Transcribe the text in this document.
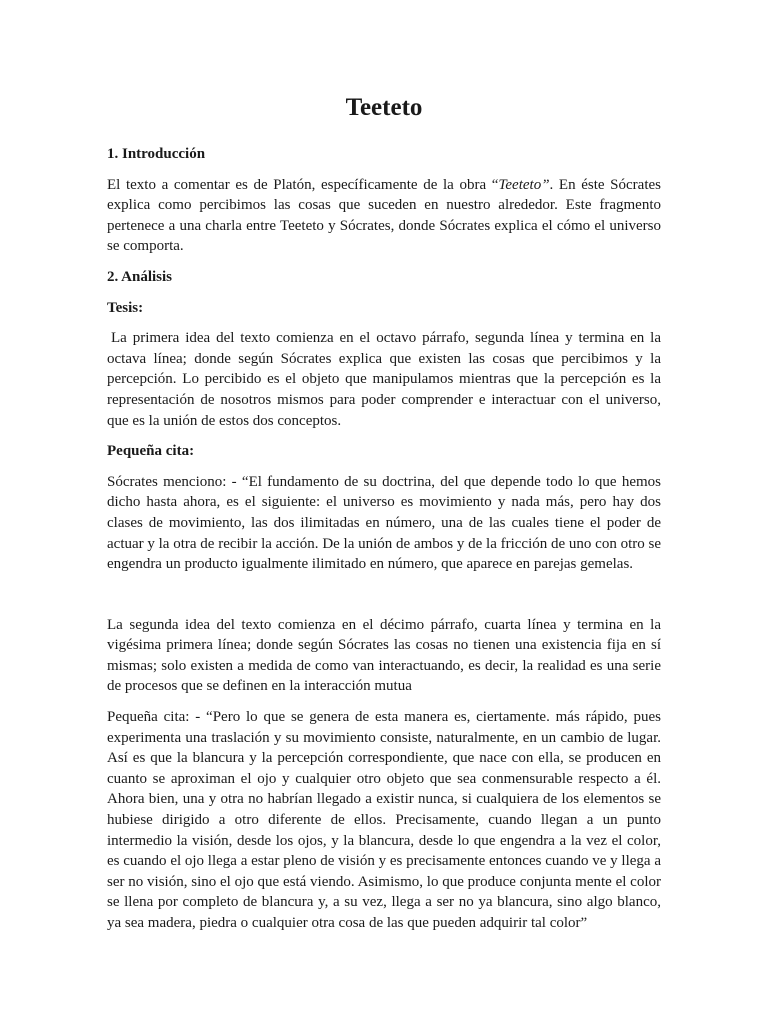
Teeteto
1. Introducción

El texto a comentar es de Platón, específicamente de la obra “Teeteto”. En éste Sócrates explica como percibimos las cosas que suceden en nuestro alrededor. Este fragmento pertenece a una charla entre Teeteto y Sócrates, donde Sócrates explica el cómo el universo se comporta.

2. Análisis
Tesis:

La primera idea del texto comienza en el octavo párrafo, segunda línea y termina en la octava línea; donde según Sócrates explica que existen las cosas que percibimos y la percepción. Lo percibido es el objeto que manipulamos mientras que la percepción es la representación de nosotros mismos para poder comprender e interactuar con el universo, que es la unión de estos dos conceptos.

Pequeña cita:

Sócrates menciono: - “El fundamento de su doctrina, del que depende todo lo que hemos dicho hasta ahora, es el siguiente: el universo es movimiento y nada más, pero hay dos clases de movimiento, las dos ilimitadas en número, una de las cuales tiene el poder de actuar y la otra de recibir la acción. De la unión de ambos y de la fricción de uno con otro se engendra un producto igualmente ilimitado en número, que aparece en parejas gemelas.

La segunda idea del texto comienza en el décimo párrafo, cuarta línea y termina en la vigésima primera línea; donde según Sócrates las cosas no tienen una existencia fija en sí mismas; solo existen a medida de como van interactuando, es decir, la realidad es una serie de procesos que se definen en la interacción mutua

Pequeña cita: - “Pero lo que se genera de esta manera es, ciertamente. más rápido, pues experimenta una traslación y su movimiento consiste, naturalmente, en un cambio de lugar. Así es que la blancura y la percepción correspondiente, que nace con ella, se producen en cuanto se aproximan el ojo y cualquier otro objeto que sea conmensurable respecto a él. Ahora bien, una y otra no habrían llegado a existir nunca, si cualquiera de los elementos se hubiese dirigido a otro diferente de ellos. Precisamente, cuando llegan a un punto intermedio la visión, desde los ojos, y la blancura, desde lo que engendra a la vez el color, es cuando el ojo llega a estar pleno de visión y es precisamente entonces cuando ve y llega a ser no visión, sino el ojo que está viendo. Asimismo, lo que produce conjunta mente el color se llena por completo de blancura y, a su vez, llega a ser no ya blancura, sino algo blanco, ya sea madera, piedra o cualquier otra cosa de las que pueden adquirir tal color”
